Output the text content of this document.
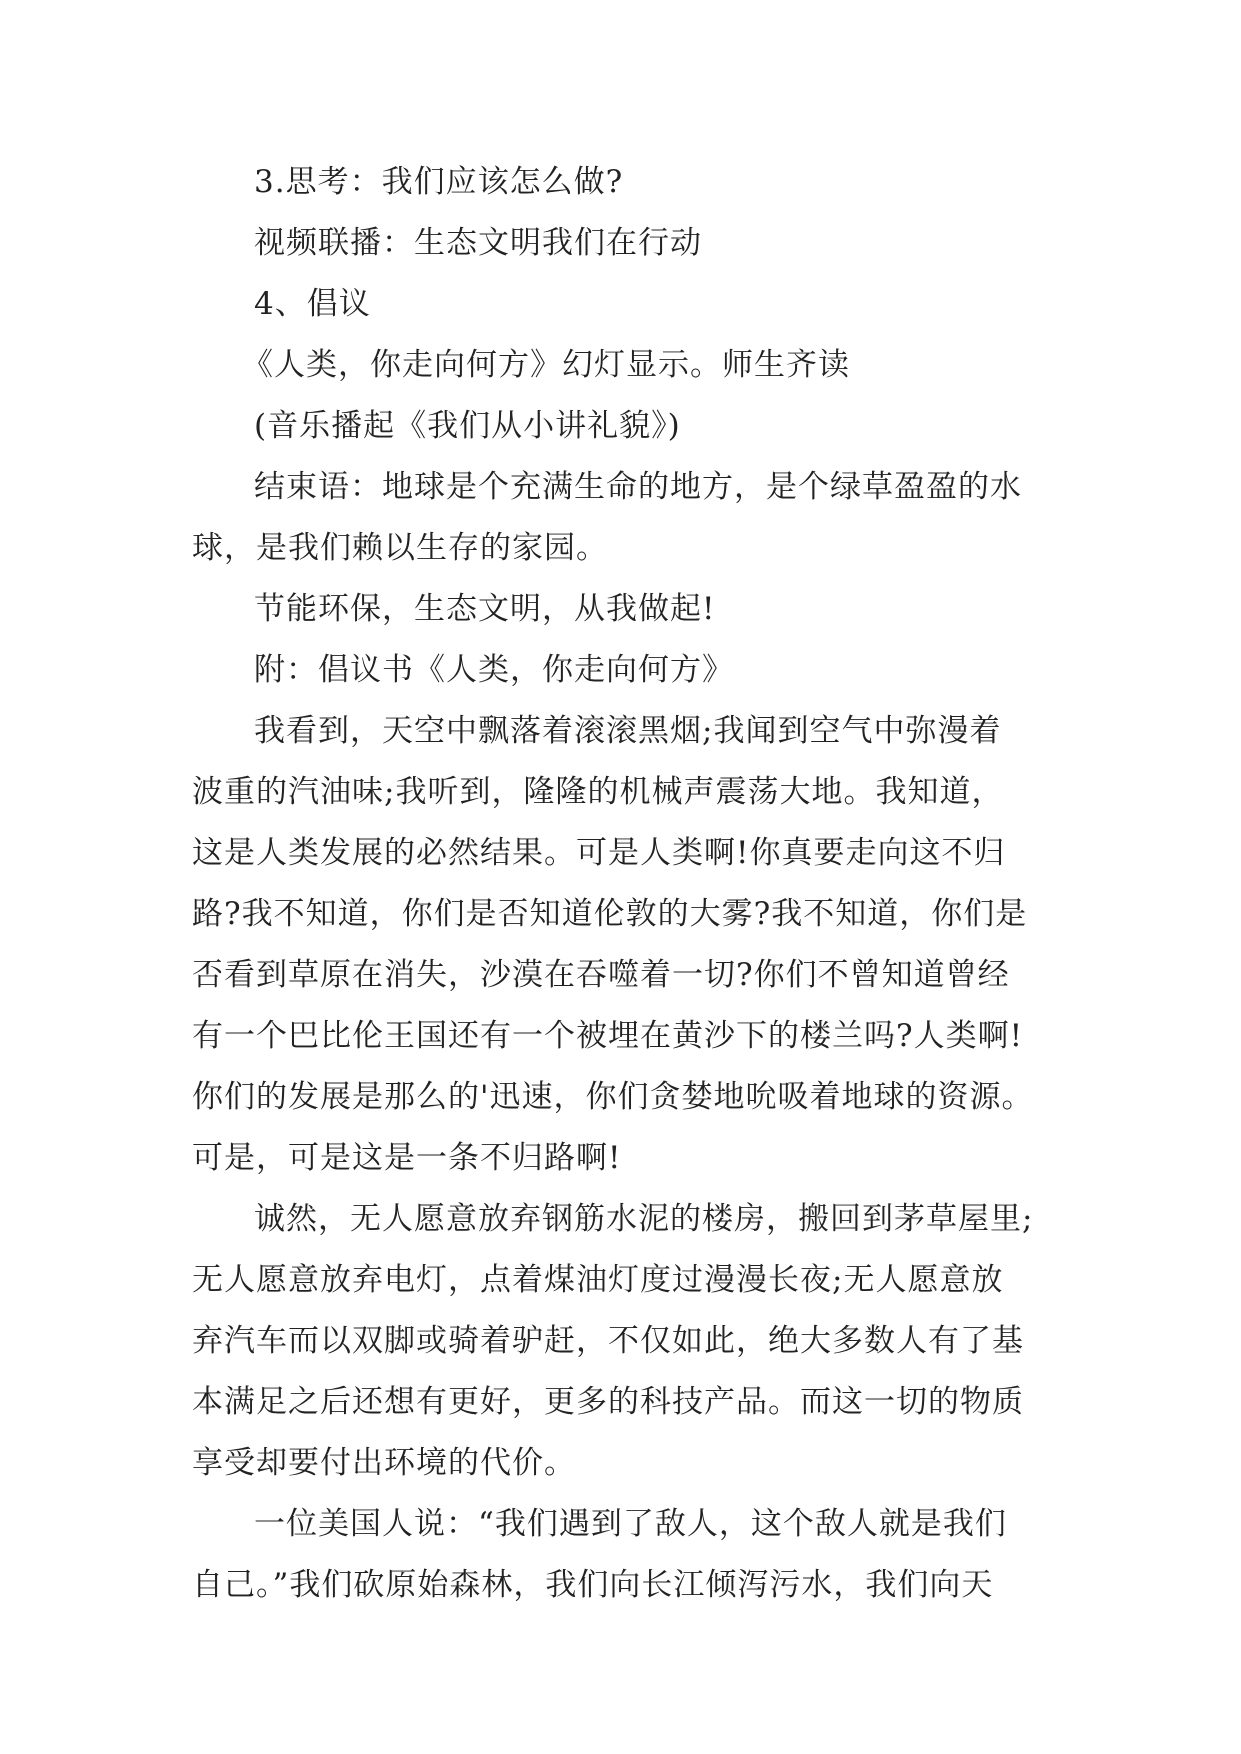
3.思考：我们应该怎么做?

视频联播：生态文明我们在行动

4、倡议

《人类，你走向何方》幻灯显示。师生齐读

(音乐播起《我们从小讲礼貌》)

结束语：地球是个充满生命的地方，是个绿草盈盈的水

球，是我们赖以生存的家园。

节能环保，生态文明，从我做起!

附：倡议书《人类，你走向何方》

我看到，天空中飘落着滚滚黑烟;我闻到空气中弥漫着

波重的汽油味;我听到，隆隆的机械声震荡大地。我知道，

这是人类发展的必然结果。可是人类啊!你真要走向这不归

路?我不知道，你们是否知道伦敦的大雾?我不知道，你们是

否看到草原在消失，沙漠在吞噬着一切?你们不曾知道曾经

有一个巴比伦王国还有一个被埋在黄沙下的楼兰吗?人类啊!

你们的发展是那么的'迅速，你们贪婪地吮吸着地球的资源。

可是，可是这是一条不归路啊!

诚然，无人愿意放弃钢筋水泥的楼房，搬回到茅草屋里;

无人愿意放弃电灯，点着煤油灯度过漫漫长夜;无人愿意放

弃汽车而以双脚或骑着驴赶，不仅如此，绝大多数人有了基

本满足之后还想有更好，更多的科技产品。而这一切的物质

享受却要付出环境的代价。

一位美国人说：“我们遇到了敌人，这个敌人就是我们

自己。”我们砍原始森林，我们向长江倾泻污水，我们向天
